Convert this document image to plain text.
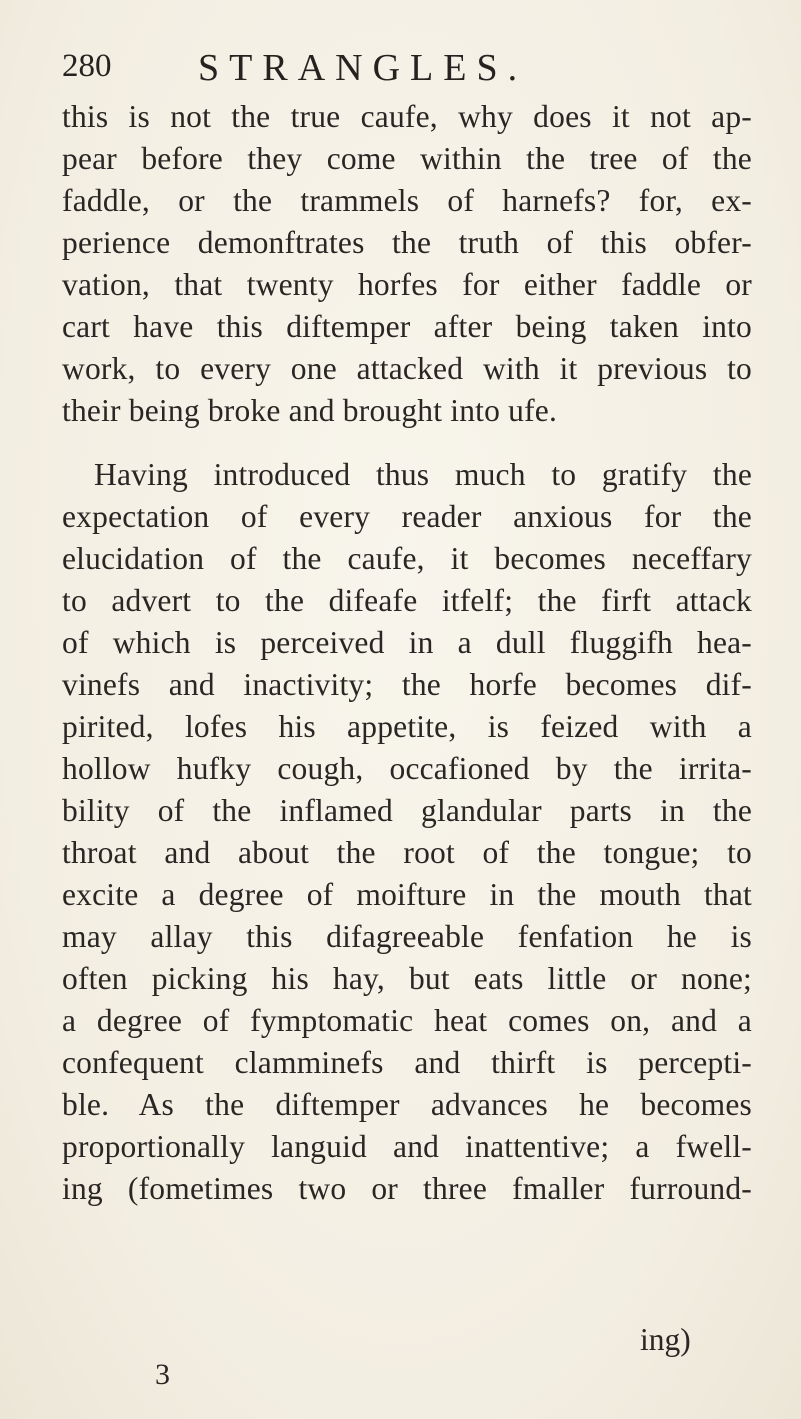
280 STRANGLES.
this is not the true caufe, why does it not ap-
pear before they come within the tree of the
faddle, or the trammels of harnefs? for, ex-
perience demonftrates the truth of this obfer-
vation, that twenty horfes for either faddle or
cart have this diftemper after being taken into
work, to every one attacked with it previous to
their being broke and brought into ufe.
Having introduced thus much to gratify the
expectation of every reader anxious for the
elucidation of the caufe, it becomes neceffary
to advert to the difeafe itfelf; the firft attack
of which is perceived in a dull fluggifh hea-
vinefs and inactivity; the horfe becomes dif-
pirited, lofes his appetite, is feized with a
hollow hufky cough, occafioned by the irrita-
bility of the inflamed glandular parts in the
throat and about the root of the tongue; to
excite a degree of moifture in the mouth that
may allay this difagreeable fenfation he is
often picking his hay, but eats little or none;
a degree of fymptomatic heat comes on, and a
confequent clamminefs and thirft is percepti-
ble. As the diftemper advances he becomes
proportionally languid and inattentive; a fwell-
ing (fometimes two or three fmaller furround-
ing)
3
